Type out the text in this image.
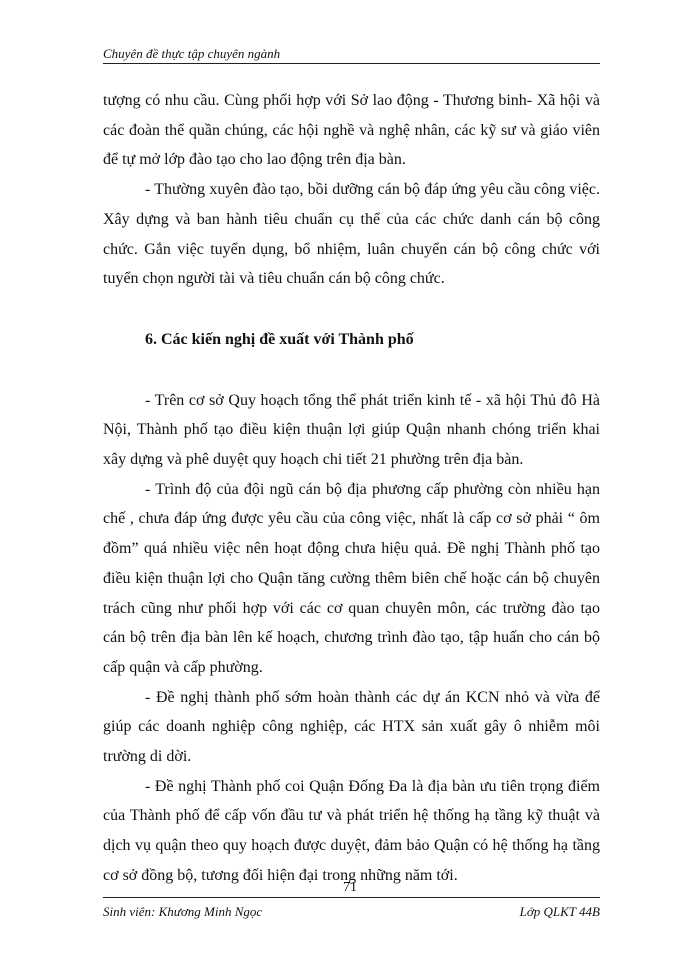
Chuyên đề thực tập chuyên ngành

tượng có nhu cầu. Cùng phối hợp với Sở lao động - Thương binh- Xã hội và các đoàn thể quần chúng, các hội nghề và nghệ nhân, các kỹ sư và giáo viên để tự mở lớp đào tạo cho lao động trên địa bàn.

- Thường xuyên đào tạo, bồi dưỡng cán bộ đáp ứng yêu cầu công việc. Xây dựng và ban hành tiêu chuẩn cụ thể của các chức danh cán bộ công chức. Gắn việc tuyển dụng, bổ nhiệm, luân chuyển cán bộ công chức với tuyển chọn người tài và tiêu chuẩn cán bộ công chức.

6. Các kiến nghị đề xuất với Thành phố

- Trên cơ sở Quy hoạch tổng thể phát triển kinh tế - xã hội Thủ đô Hà Nội, Thành phố tạo điều kiện thuận lợi giúp Quận nhanh chóng triển khai xây dựng và phê duyệt quy hoạch chi tiết 21 phường trên địa bàn.

- Trình độ của đội ngũ cán bộ địa phương cấp phường còn nhiều hạn chế , chưa đáp ứng được yêu cầu của công việc, nhất là cấp cơ sở phải “ ôm đồm” quá nhiều việc nên hoạt động chưa hiệu quả. Đề nghị Thành phố tạo điều kiện thuận lợi cho Quận tăng cường thêm biên chế hoặc cán bộ chuyên trách cũng như phối hợp với các cơ quan chuyên môn, các trường đào tạo cán bộ trên địa bàn lên kế hoạch, chương trình đào tạo, tập huấn cho cán bộ cấp quận và cấp phường.

- Đề nghị thành phố sớm hoàn thành các dự án KCN nhỏ và vừa để giúp các doanh nghiệp công nghiệp, các HTX sản xuất gây ô nhiễm môi trường di dời.

- Đề nghị Thành phố coi Quận Đống Đa là địa bàn ưu tiên trọng điểm của Thành phố để cấp vốn đầu tư và phát triển hệ thống hạ tầng kỹ thuật và dịch vụ quận theo quy hoạch được duyệt, đảm bảo Quận có hệ thống hạ tầng cơ sở đồng bộ, tương đối hiện đại trong những năm tới.

71
Sinh viên: Khương Minh Ngọc	Lớp QLKT 44B
